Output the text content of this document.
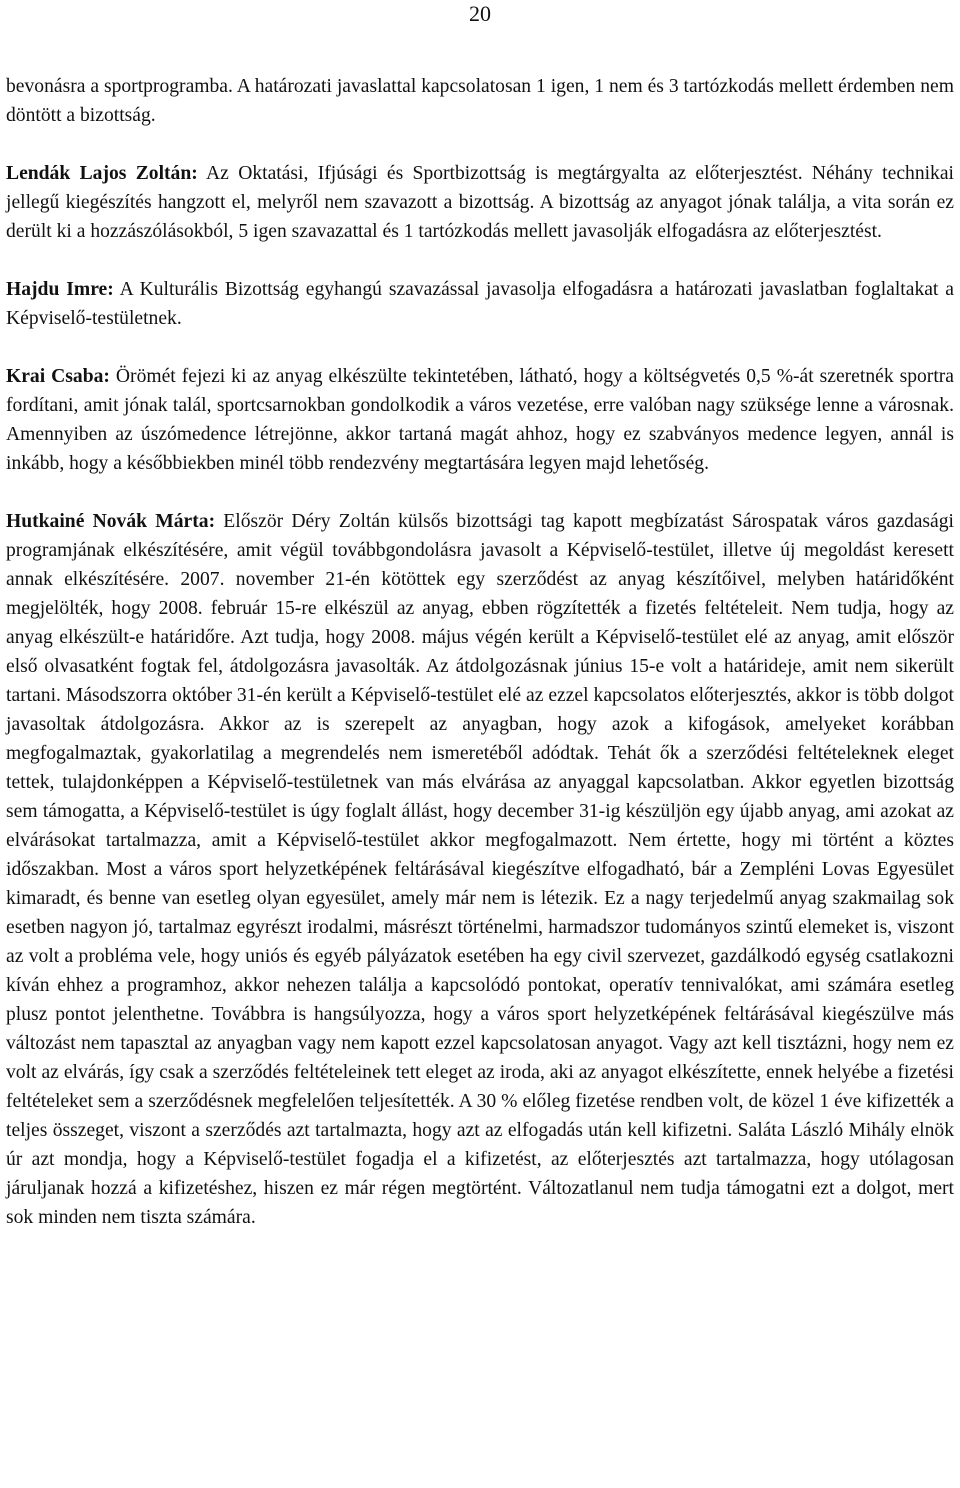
20

bevonásra a sportprogramba. A határozati javaslattal kapcsolatosan 1 igen, 1 nem és 3 tartózkodás mellett érdemben nem döntött a bizottság.

Lendák Lajos Zoltán: Az Oktatási, Ifjúsági és Sportbizottság is megtárgyalta az előterjesztést. Néhány technikai jellegű kiegészítés hangzott el, melyről nem szavazott a bizottság. A bizottság az anyagot jónak találja, a vita során ez derült ki a hozzászólásokból, 5 igen szavazattal és 1 tartózkodás mellett javasolják elfogadásra az előterjesztést.

Hajdu Imre: A Kulturális Bizottság egyhangú szavazással javasolja elfogadásra a határozati javaslatban foglaltakat a Képviselő-testületnek.

Krai Csaba: Örömét fejezi ki az anyag elkészülte tekintetében, látható, hogy a költségvetés 0,5 %-át szeretnék sportra fordítani, amit jónak talál, sportcsarnokban gondolkodik a város vezetése, erre valóban nagy szüksége lenne a városnak. Amennyiben az úszómedence létrejönne, akkor tartaná magát ahhoz, hogy ez szabványos medence legyen, annál is inkább, hogy a későbbiekben minél több rendezvény megtartására legyen majd lehetőség.

Hutkainé Novák Márta: Először Déry Zoltán külsős bizottsági tag kapott megbízatást Sárospatak város gazdasági programjának elkészítésére, amit végül továbbgondolásra javasolt a Képviselő-testület, illetve új megoldást keresett annak elkészítésére. 2007. november 21-én kötöttek egy szerződést az anyag készítőivel, melyben határidőként megjelölték, hogy 2008. február 15-re elkészül az anyag, ebben rögzítették a fizetés feltételeit. Nem tudja, hogy az anyag elkészült-e határidőre. Azt tudja, hogy 2008. május végén került a Képviselő-testület elé az anyag, amit először első olvasatként fogtak fel, átdolgozásra javasolták. Az átdolgozásnak június 15-e volt a határideje, amit nem sikerült tartani. Másodszorra október 31-én került a Képviselő-testület elé az ezzel kapcsolatos előterjesztés, akkor is több dolgot javasoltak átdolgozásra. Akkor az is szerepelt az anyagban, hogy azok a kifogások, amelyeket korábban megfogalmaztak, gyakorlatilag a megrendelés nem ismeretéből adódtak. Tehát ők a szerződési feltételeknek eleget tettek, tulajdonképpen a Képviselő-testületnek van más elvárása az anyaggal kapcsolatban. Akkor egyetlen bizottság sem támogatta, a Képviselő-testület is úgy foglalt állást, hogy december 31-ig készüljön egy újabb anyag, ami azokat az elvárásokat tartalmazza, amit a Képviselő-testület akkor megfogalmazott. Nem értette, hogy mi történt a köztes időszakban. Most a város sport helyzetképének feltárásával kiegészítve elfogadható, bár a Zempléni Lovas Egyesület kimaradt, és benne van esetleg olyan egyesület, amely már nem is létezik. Ez a nagy terjedelmű anyag szakmailag sok esetben nagyon jó, tartalmaz egyrészt irodalmi, másrészt történelmi, harmadszor tudományos szintű elemeket is, viszont az volt a probléma vele, hogy uniós és egyéb pályázatok esetében ha egy civil szervezet, gazdálkodó egység csatlakozni kíván ehhez a programhoz, akkor nehezen találja a kapcsolódó pontokat, operatív tennivalókat, ami számára esetleg plusz pontot jelenthetne. Továbbra is hangsúlyozza, hogy a város sport helyzetképének feltárásával kiegészülve más változást nem tapasztal az anyagban vagy nem kapott ezzel kapcsolatosan anyagot. Vagy azt kell tisztázni, hogy nem ez volt az elvárás, így csak a szerződés feltételeinek tett eleget az iroda, aki az anyagot elkészítette, ennek helyébe a fizetési feltételeket sem a szerződésnek megfelelően teljesítették. A 30 % előleg fizetése rendben volt, de közel 1 éve kifizették a teljes összeget, viszont a szerződés azt tartalmazta, hogy azt az elfogadás után kell kifizetni. Saláta László Mihály elnök úr azt mondja, hogy a Képviselő-testület fogadja el a kifizetést, az előterjesztés azt tartalmazza, hogy utólagosan járuljanak hozzá a kifizetéshez, hiszen ez már régen megtörtént. Változatlanul nem tudja támogatni ezt a dolgot, mert sok minden nem tiszta számára.
